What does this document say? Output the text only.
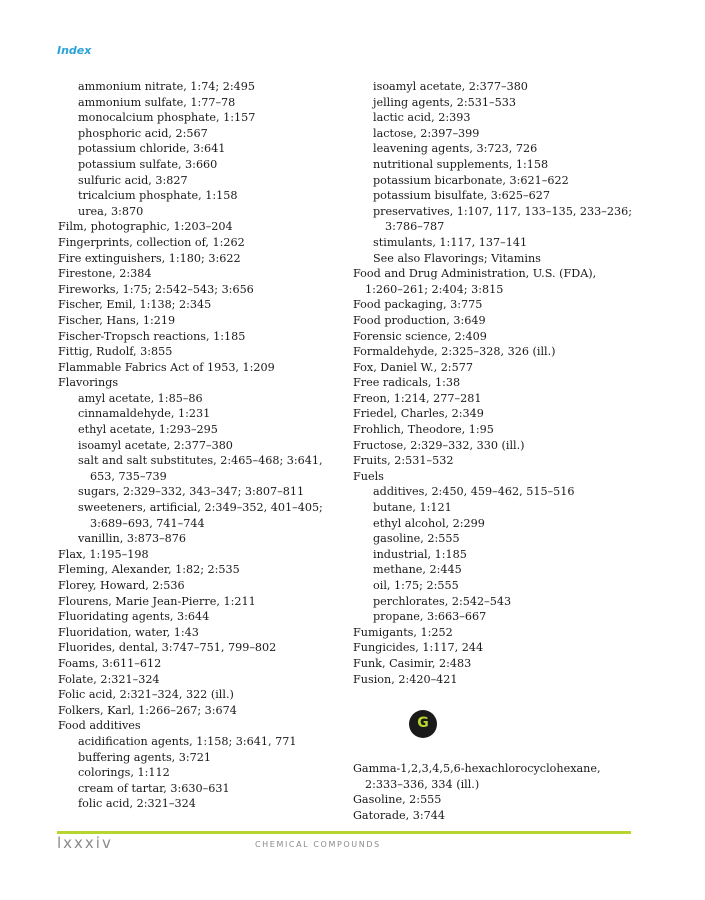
Index
ammonium nitrate, 1:74; 2:495
ammonium sulfate, 1:77–78
monocalcium phosphate, 1:157
phosphoric acid, 2:567
potassium chloride, 3:641
potassium sulfate, 3:660
sulfuric acid, 3:827
tricalcium phosphate, 1:158
urea, 3:870
Film, photographic, 1:203–204
Fingerprints, collection of, 1:262
Fire extinguishers, 1:180; 3:622
Firestone, 2:384
Fireworks, 1:75; 2:542–543; 3:656
Fischer, Emil, 1:138; 2:345
Fischer, Hans, 1:219
Fischer-Tropsch reactions, 1:185
Fittig, Rudolf, 3:855
Flammable Fabrics Act of 1953, 1:209
Flavorings
amyl acetate, 1:85–86
cinnamaldehyde, 1:231
ethyl acetate, 1:293–295
isoamyl acetate, 2:377–380
salt and salt substitutes, 2:465–468; 3:641,
653, 735–739
sugars, 2:329–332, 343–347; 3:807–811
sweeteners, artificial, 2:349–352, 401–405;
3:689–693, 741–744
vanillin, 3:873–876
Flax, 1:195–198
Fleming, Alexander, 1:82; 2:535
Florey, Howard, 2:536
Flourens, Marie Jean-Pierre, 1:211
Fluoridating agents, 3:644
Fluoridation, water, 1:43
Fluorides, dental, 3:747–751, 799–802
Foams, 3:611–612
Folate, 2:321–324
Folic acid, 2:321–324, 322 (ill.)
Folkers, Karl, 1:266–267; 3:674
Food additives
acidification agents, 1:158; 3:641, 771
buffering agents, 3:721
colorings, 1:112
cream of tartar, 3:630–631
folic acid, 2:321–324
isoamyl acetate, 2:377–380
jelling agents, 2:531–533
lactic acid, 2:393
lactose, 2:397–399
leavening agents, 3:723, 726
nutritional supplements, 1:158
potassium bicarbonate, 3:621–622
potassium bisulfate, 3:625–627
preservatives, 1:107, 117, 133–135, 233–236;
3:786–787
stimulants, 1:117, 137–141
See also Flavorings; Vitamins
Food and Drug Administration, U.S. (FDA),
1:260–261; 2:404; 3:815
Food packaging, 3:775
Food production, 3:649
Forensic science, 2:409
Formaldehyde, 2:325–328, 326 (ill.)
Fox, Daniel W., 2:577
Free radicals, 1:38
Freon, 1:214, 277–281
Friedel, Charles, 2:349
Frohlich, Theodore, 1:95
Fructose, 2:329–332, 330 (ill.)
Fruits, 2:531–532
Fuels
additives, 2:450, 459–462, 515–516
butane, 1:121
ethyl alcohol, 2:299
gasoline, 2:555
industrial, 1:185
methane, 2:445
oil, 1:75; 2:555
perchlorates, 2:542–543
propane, 3:663–667
Fumigants, 1:252
Fungicides, 1:117, 244
Funk, Casimir, 2:483
Fusion, 2:420–421
G
Gamma-1,2,3,4,5,6-hexachlorocyclohexane,
2:333–336, 334 (ill.)
Gasoline, 2:555
Gatorade, 3:744
lxxxiv	CHEMICAL COMPOUNDS
